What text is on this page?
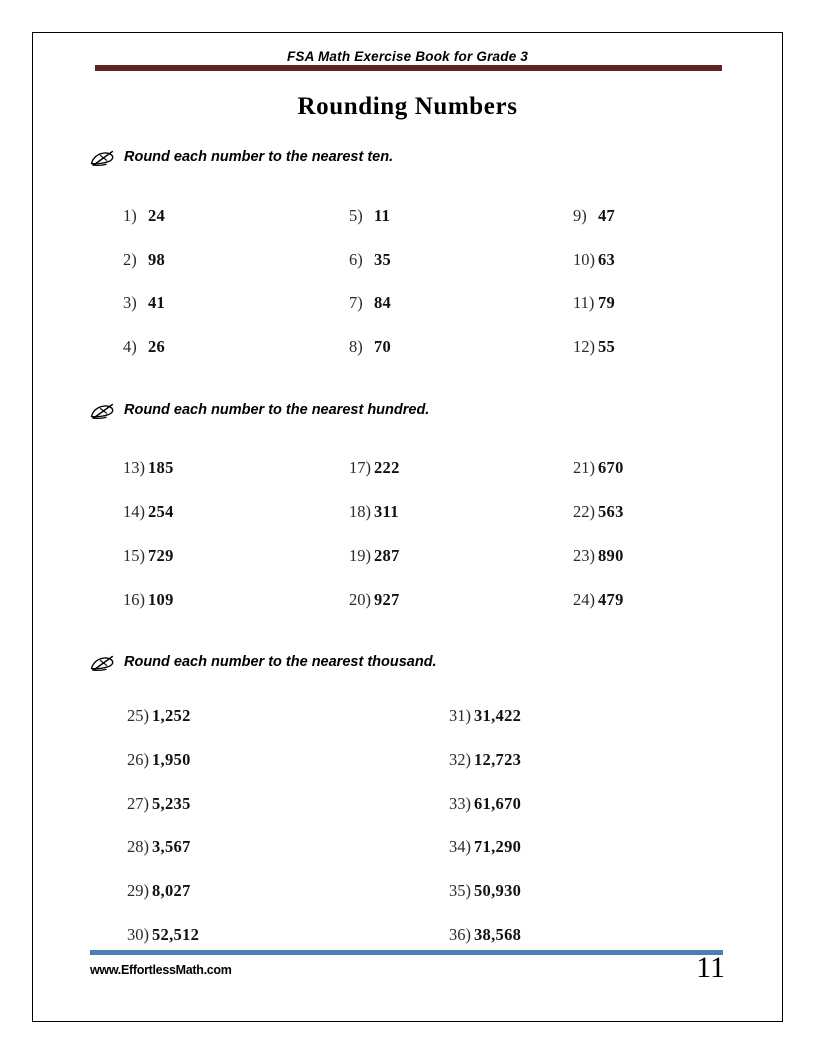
FSA Math Exercise Book for Grade 3
Rounding Numbers
Round each number to the nearest ten.
1) 24
2) 98
3) 41
4) 26
5) 11
6) 35
7) 84
8) 70
9) 47
10) 63
11) 79
12) 55
Round each number to the nearest hundred.
13) 185
14) 254
15) 729
16) 109
17) 222
18) 311
19) 287
20) 927
21) 670
22) 563
23) 890
24) 479
Round each number to the nearest thousand.
25) 1,252
26) 1,950
27) 5,235
28) 3,567
29) 8,027
30) 52,512
31) 31,422
32) 12,723
33) 61,670
34) 71,290
35) 50,930
36) 38,568
www.EffortlessMath.com	11
